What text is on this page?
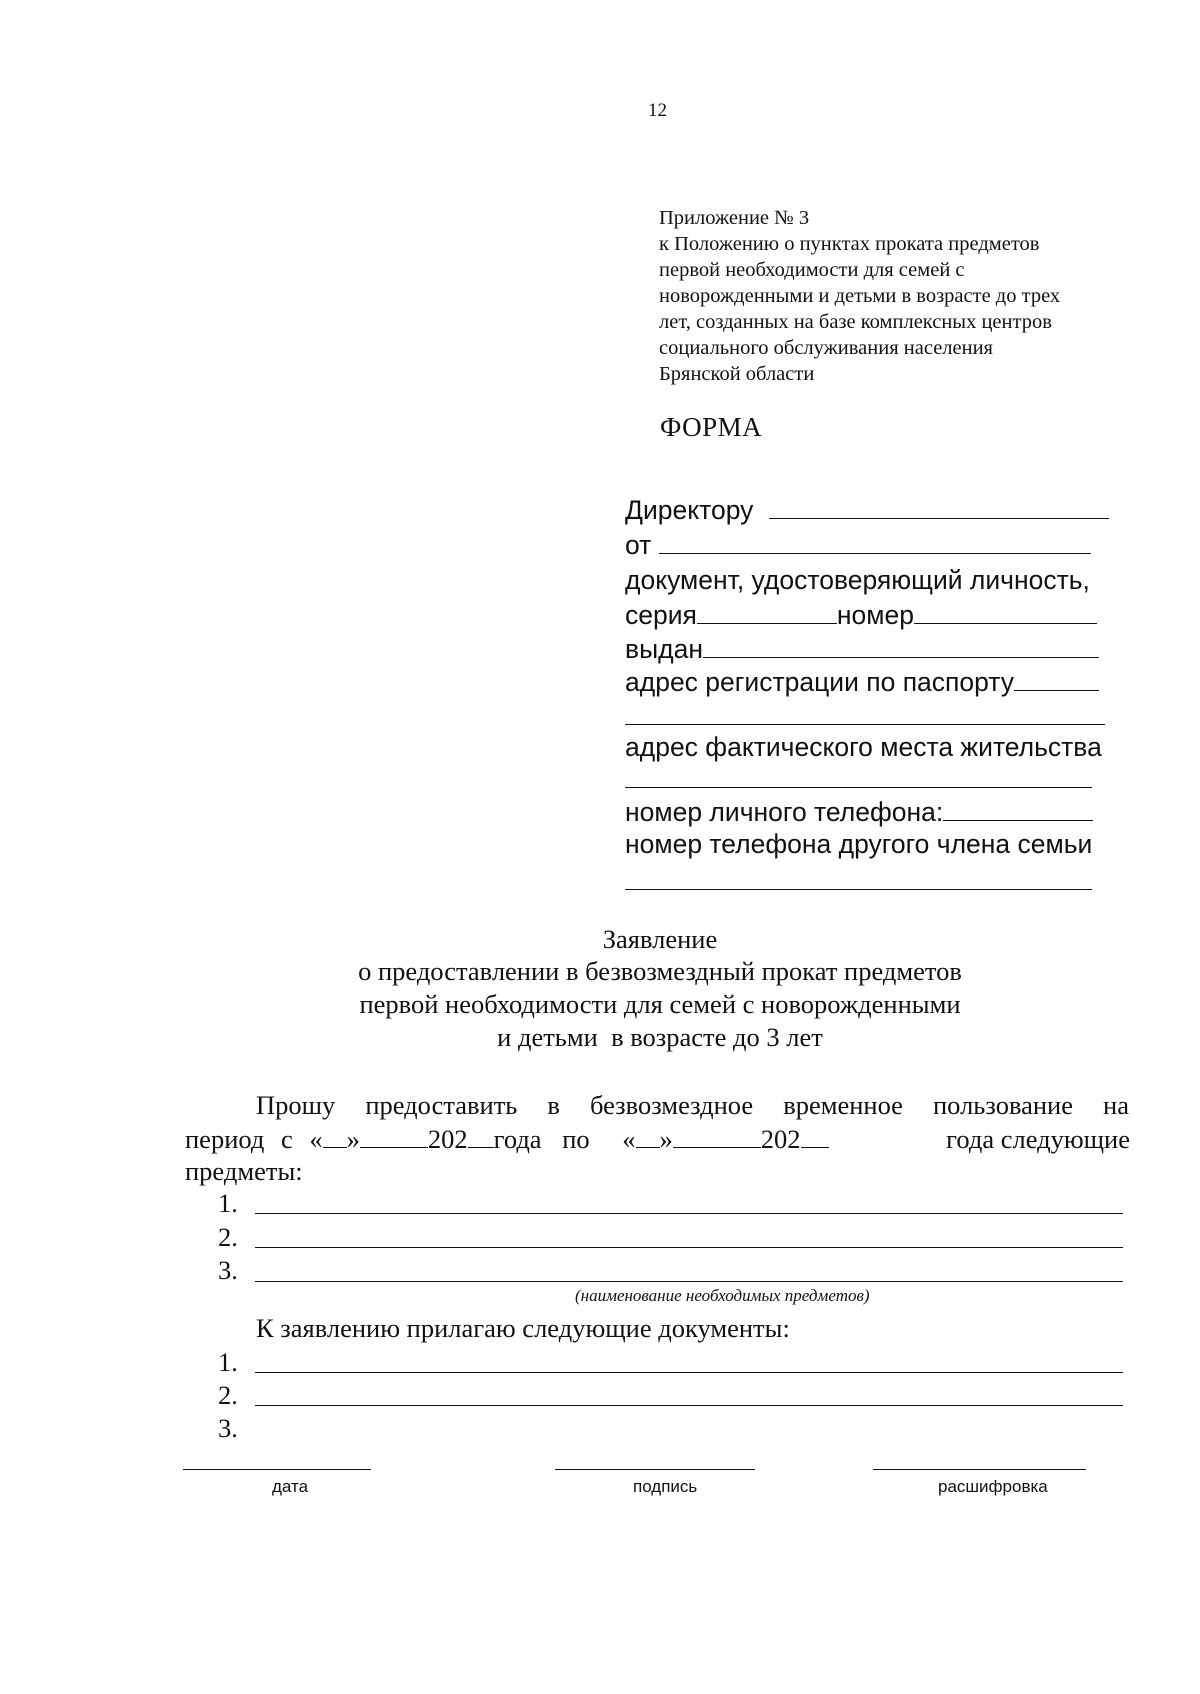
12
Приложение № 3
к Положению о пунктах проката предметов
первой необходимости для семей с
новорожденными и детьми в возрасте до трех
лет, созданных на базе комплексных центров
социального обслуживания населения
Брянской области
ФОРМА
Директору
от
документ, удостоверяющий личность,
серия	номер
выдан
адрес регистрации по паспорту
адрес фактического места жительства
номер личного телефона:
номер телефона другого члена семьи
Заявление
о предоставлении в безвозмездный прокат предметов
первой необходимости для семей с новорожденными
и детьми  в возрасте до 3 лет
Прошу предоставить в безвозмездное временное пользование на
период с « »	202 года по « »	202	года следующие
предметы:
1.
2.
3.
(наименование необходимых предметов)
К заявлению прилагаю следующие документы:
1.
2.
3.
дата	подпись	расшифровка
